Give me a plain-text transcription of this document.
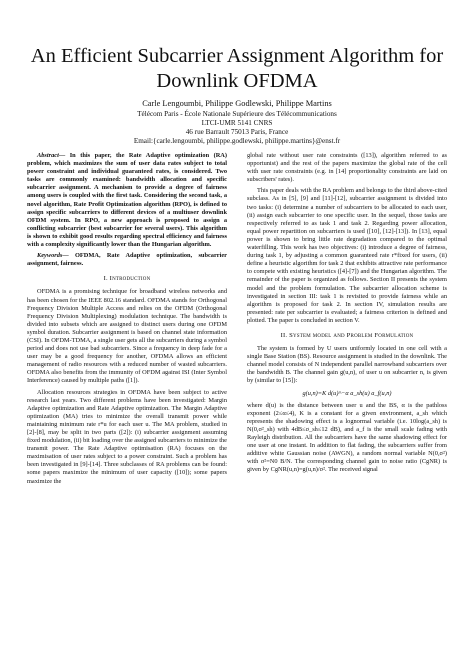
An Efficient Subcarrier Assignment Algorithm for Downlink OFDMA
Carle Lengoumbi, Philippe Godlewski, Philippe Martins
Télécom Paris - École Nationale Supérieure des Télécommunications
LTCI-UMR 5141 CNRS
46 rue Barrault 75013 Paris, France
Email:{carle.lengoumbi, philippe.godlewski, philippe.martins}@enst.fr

Abstract— In this paper, the Rate Adaptive optimization (RA) problem, which maximizes the sum of user data rates subject to total power constraint and individual guaranteed rates, is considered. Two tasks are commonly examined: bandwidth allocation and specific subcarrier assignment. A mechanism to provide a degree of fairness among users is coupled with the first task. Considering the second task, a novel algorithm, Rate Profit Optimization algorithm (RPO), is defined to assign specific subcarriers to different devices of a multiuser downlink OFDM system. In RPO, a new approach is proposed to assign a conflicting subcarrier (best subcarrier for several users). This algorithm is shown to exhibit good results regarding spectral efficiency and fairness with a complexity significantly lower than the Hungarian algorithm.

Keywords— OFDMA, Rate Adaptive optimization, subcarrier assignment, fairness.

I. Introduction

OFDMA is a promising technique for broadband wireless networks and has been chosen for the IEEE 802.16 standard. OFDMA stands for Orthogonal Frequency Division Multiple Access and relies on the OFDM (Orthogonal Frequency Division Multiplexing) modulation technique. The bandwidth is divided into subsets which are assigned to distinct users during one OFDM symbol duration. Subcarrier assignment is based on channel state information (CSI). In OFDM-TDMA, a single user gets all the subcarriers during a symbol period and does not use bad subcarriers. Since a frequency in deep fade for a user may be a good frequency for another, OFDMA allows an efficient management of radio resources with a reduced number of wasted subcarriers. OFDMA also benefits from the immunity of OFDM against ISI (Inter Symbol Interference) caused by multiple paths ([1]).

Allocation resources strategies in OFDMA have been subject to active research last years. Two different problems have been investigated: Margin Adaptive optimization and Rate Adaptive optimization. The Margin Adaptive optimization (MA) tries to minimize the overall transmit power while maintaining minimum rate r*u for each user u. The MA problem, studied in [2]-[8], may be split in two parts ([2]): (i) subcarrier assignment assuming fixed modulation, (ii) bit loading over the assigned subcarriers to minimize the transmit power. The Rate Adaptive optimisation (RA) focuses on the maximisation of user rates subject to a power constraint. Such a problem has been investigated in [9]-[14]. Three subclasses of RA problems can be found: some papers maximize the minimum of user capacity ([10]); some papers maximize the

global rate without user rate constraints ([13]), algorithm referred to as opportunist) and the rest of the papers maximize the global rate of the cell with user rate constraints (e.g. in [14] proportionality constraints are laid on subscribers' rates).

This paper deals with the RA problem and belongs to the third above-cited subclass. As in [5], [9] and [11]-[12], subcarrier assignment is divided into two tasks: (i) determine a number of subcarriers to be allocated to each user, (ii) assign each subcarrier to one specific user. In the sequel, those tasks are respectively referred to as task 1 and task 2. Regarding power allocation, equal power repartition on subcarriers is used ([10], [12]-[13]). In [13], equal power is shown to bring little rate degradation compared to the optimal waterfilling. This work has two objectives: (i) introduce a degree of fairness, during task 1, by adjusting a common guaranteed rate r*fixed for users, (ii) define a heuristic algorithm for task 2 that exhibits attractive rate performance to compete with existing heuristics ([4]-[7]) and the Hungarian algorithm. The remainder of the paper is organized as follows. Section II presents the system model and the problem formulation. The subcarrier allocation scheme is investigated in section III: task 1 is revisited to provide fairness while an algorithm is proposed for task 2. In section IV, simulation results are presented: rate per subcarrier is evaluated; a fairness criterion is defined and plotted. The paper is concluded in section V.

II. System model and Problem Formulation

The system is formed by U users uniformly located in one cell with a single Base Station (BS). Resource assignment is studied in the downlink. The channel model consists of N independent parallel narrowband subcarriers over the bandwidth B. The channel gain g(u,n), of user u on subcarrier n, is given by (similar to [15]):

g(u,n)=K d(u)^−α a_sh(u) a_f(u,n)

where d(u) is the distance between user u and the BS, α is the pathloss exponent (2≤α≤4), K is a constant for a given environment, a_sh which represents the shadowing effect is a lognormal variable (i.e. 10log(a_sh) is N(0,σ²_sh) with 4dB≤σ_sh≤12 dB), and a_f is the small scale fading with Rayleigh distribution. All the subcarriers have the same shadowing effect for one user at one instant. In addition to flat fading, the subcarriers suffer from additive white Gaussian noise (AWGN), a random normal variable N(0,σ²) with σ²=N0 B/N. The corresponding channel gain to noise ratio (CgNR) is given by CgNR(u,n)=g(u,n)/σ². The received signal
